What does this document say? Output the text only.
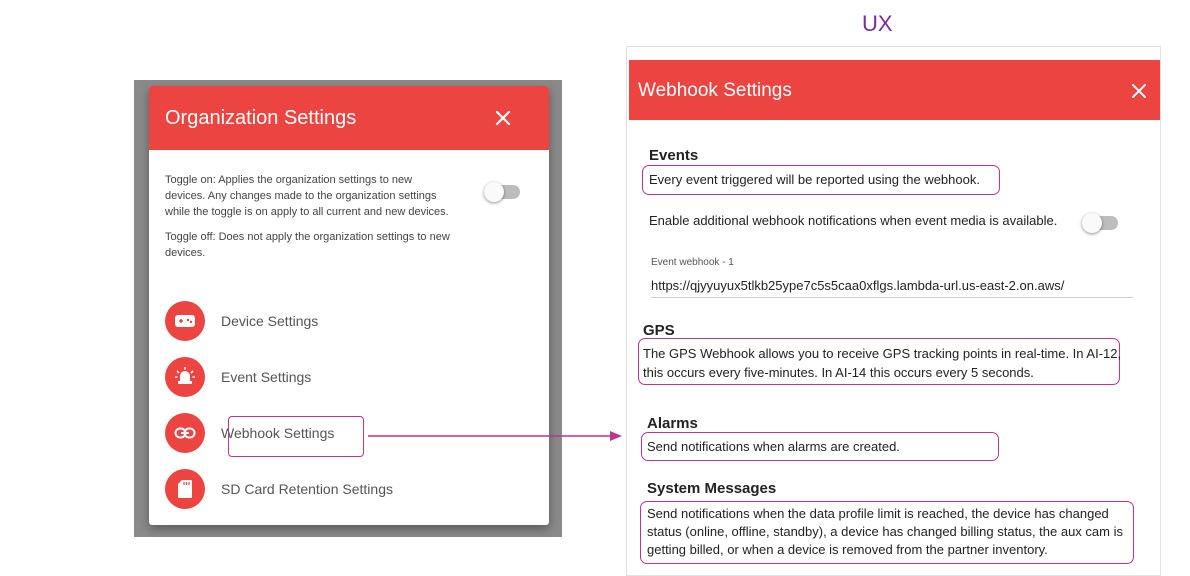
Organization Settings

Toggle on: Applies the organization settings to new devices. Any changes made to the organization settings while the toggle is on apply to all current and new devices.

Toggle off: Does not apply the organization settings to new devices.

Device Settings
Event Settings
Webhook Settings
SD Card Retention Settings
UX
Webhook Settings
Events
Every event triggered will be reported using the webhook.
Enable additional webhook notifications when event media is available.
Event webhook - 1
https://qjyyuyux5tlkb25ype7c5s5caa0xflgs.lambda-url.us-east-2.on.aws/
GPS
The GPS Webhook allows you to receive GPS tracking points in real-time. In AI-12,
this occurs every five-minutes. In AI-14 this occurs every 5 seconds.
Alarms
Send notifications when alarms are created.
System Messages
Send notifications when the data profile limit is reached, the device has changed
status (online, offline, standby), a device has changed billing status, the aux cam is
getting billed, or when a device is removed from the partner inventory.
